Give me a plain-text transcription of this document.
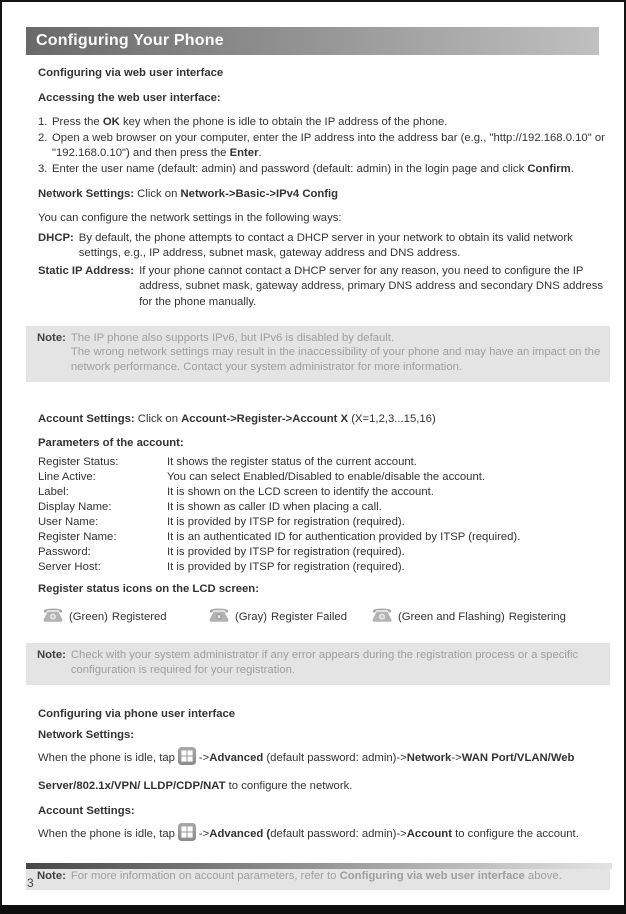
Configuring Your Phone
Configuring via web user interface
Accessing the web user interface:
1. Press the OK key when the phone is idle to obtain the IP address of the phone.
2. Open a web browser on your computer, enter the IP address into the address bar (e.g., "http://192.168.0.10" or "192.168.0.10") and then press the Enter.
3. Enter the user name (default: admin) and password (default: admin) in the login page and click Confirm.
Network Settings: Click on Network->Basic->IPv4 Config
You can configure the network settings in the following ways:
DHCP: By default, the phone attempts to contact a DHCP server in your network to obtain its valid network settings, e.g., IP address, subnet mask, gateway address and DNS address.
Static IP Address: If your phone cannot contact a DHCP server for any reason, you need to configure the IP address, subnet mask, gateway address, primary DNS address and secondary DNS address for the phone manually.
Note: The IP phone also supports IPv6, but IPv6 is disabled by default.
The wrong network settings may result in the inaccessibility of your phone and may have an impact on the network performance. Contact your system administrator for more information.
Account Settings: Click on Account->Register->Account X (X=1,2,3...15,16)
Parameters of the account:
Register Status:	It shows the register status of the current account.
Line Active:	You can select Enabled/Disabled to enable/disable the account.
Label:	It is shown on the LCD screen to identify the account.
Display Name:	It is shown as caller ID when placing a call.
User Name:	It is provided by ITSP for registration (required).
Register Name:	It is an authenticated ID for authentication provided by ITSP (required).
Password:	It is provided by ITSP for registration (required).
Server Host:	It is provided by ITSP for registration (required).
Register status icons on the LCD screen:
(Green) Registered	(Gray) Register Failed	(Green and Flashing) Registering
Note: Check with your system administrator if any error appears during the registration process or a specific configuration is required for your registration.
Configuring via phone user interface
Network Settings:
When the phone is idle, tap ->Advanced (default password: admin)->Network->WAN Port/VLAN/Web Server/802.1x/VPN/ LLDP/CDP/NAT to configure the network.
Account Settings:
When the phone is idle, tap ->Advanced (default password: admin)->Account to configure the account.
Note: For more information on account parameters, refer to Configuring via web user interface above.
3
